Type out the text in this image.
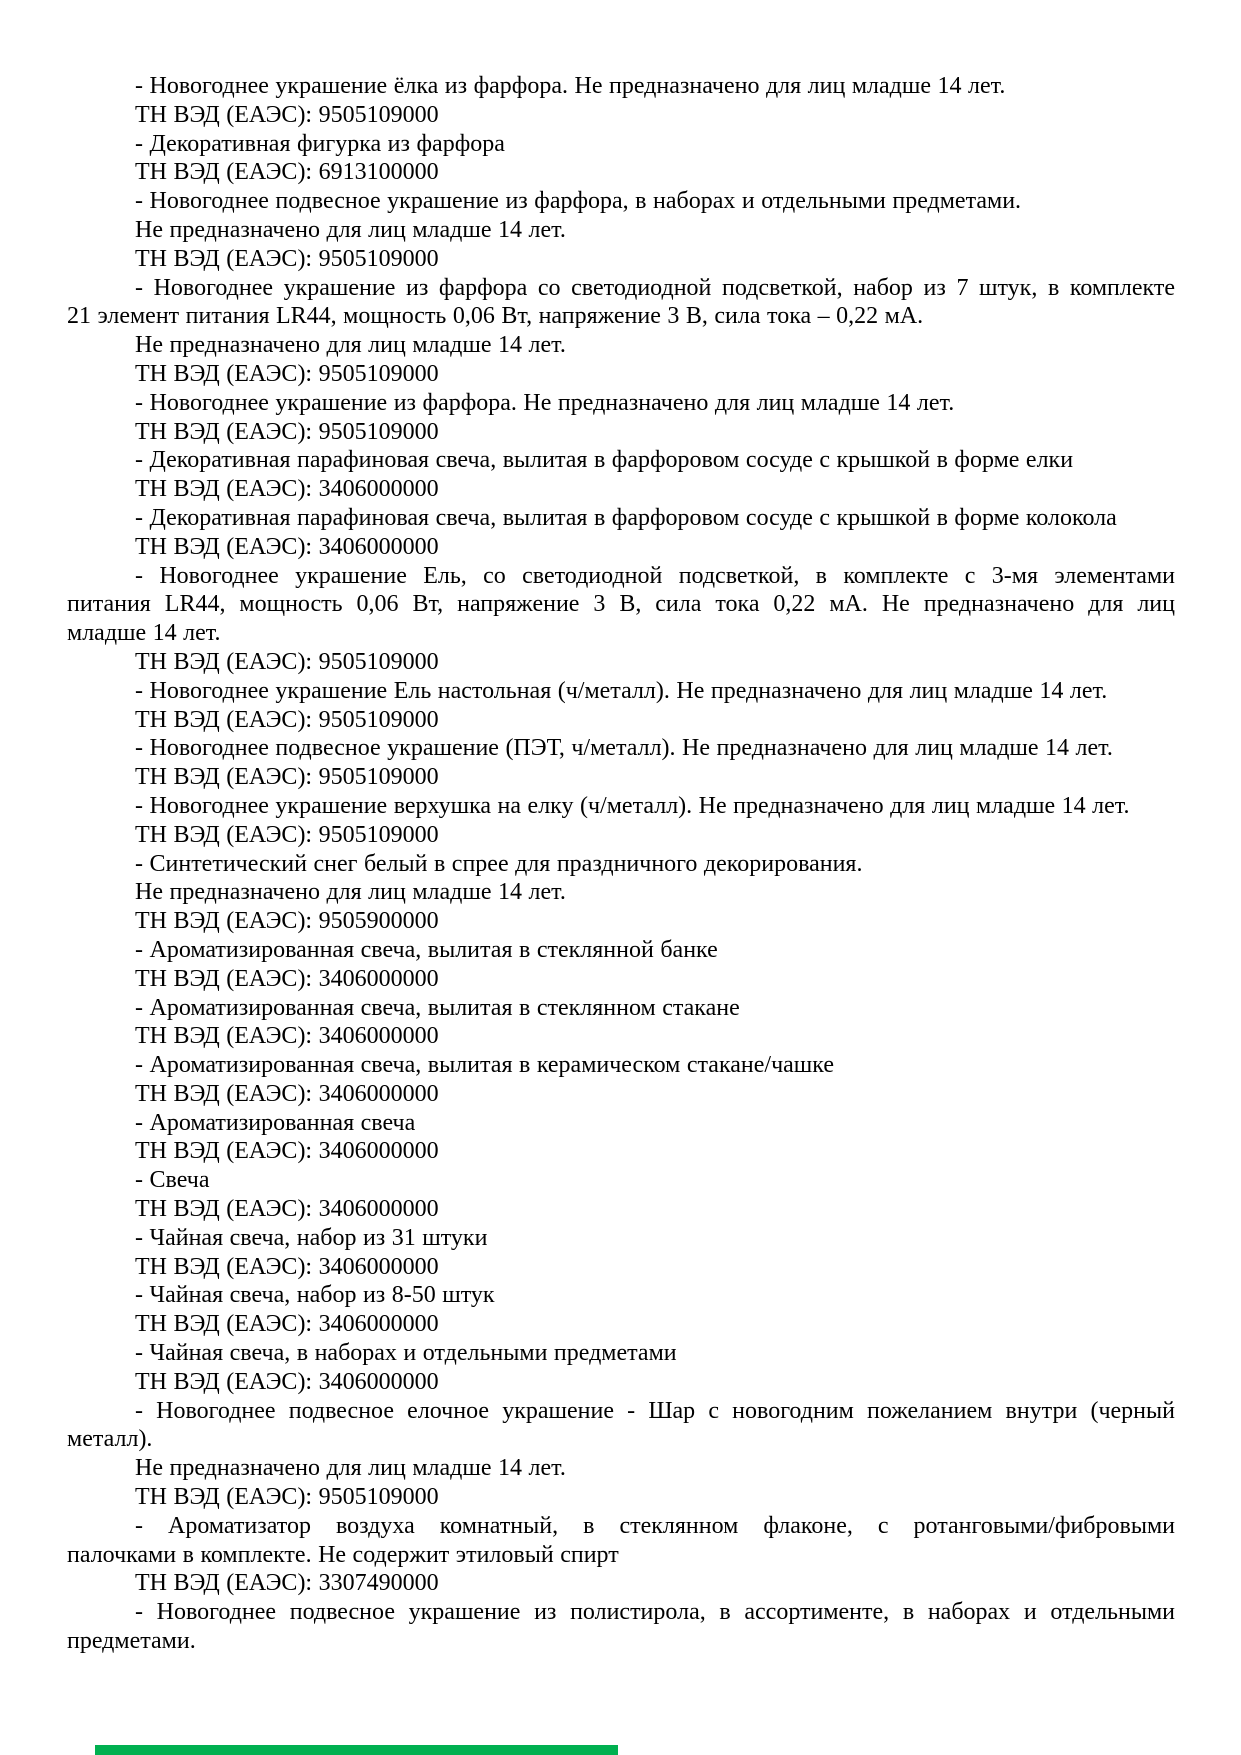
- Новогоднее украшение ёлка из фарфора. Не предназначено для лиц младше 14 лет.
ТН ВЭД (ЕАЭС): 9505109000
- Декоративная фигурка из фарфора
ТН ВЭД (ЕАЭС): 6913100000
- Новогоднее подвесное украшение из фарфора, в наборах и отдельными предметами.
Не предназначено для лиц младше 14 лет.
ТН ВЭД (ЕАЭС): 9505109000
- Новогоднее украшение из фарфора со светодиодной подсветкой, набор из 7 штук, в комплекте
21 элемент питания LR44, мощность 0,06 Вт, напряжение 3 В, сила тока – 0,22 мА.
Не предназначено для лиц младше 14 лет.
ТН ВЭД (ЕАЭС): 9505109000
- Новогоднее украшение из фарфора. Не предназначено для лиц младше 14 лет.
ТН ВЭД (ЕАЭС): 9505109000
- Декоративная парафиновая свеча, вылитая в фарфоровом сосуде с крышкой в форме елки
ТН ВЭД (ЕАЭС): 3406000000
- Декоративная парафиновая свеча, вылитая в фарфоровом сосуде с крышкой в форме колокола
ТН ВЭД (ЕАЭС): 3406000000
- Новогоднее украшение Ель, со светодиодной подсветкой, в комплекте с 3-мя элементами
питания LR44, мощность 0,06 Вт, напряжение 3 В, сила тока 0,22 мА. Не предназначено для лиц
младше 14 лет.
ТН ВЭД (ЕАЭС): 9505109000
- Новогоднее украшение Ель настольная (ч/металл). Не предназначено для лиц младше 14 лет.
ТН ВЭД (ЕАЭС): 9505109000
- Новогоднее подвесное украшение (ПЭТ, ч/металл). Не предназначено для лиц младше 14 лет.
ТН ВЭД (ЕАЭС): 9505109000
- Новогоднее украшение верхушка на елку (ч/металл). Не предназначено для лиц младше 14 лет.
ТН ВЭД (ЕАЭС): 9505109000
- Синтетический снег белый в спрее для праздничного декорирования.
Не предназначено для лиц младше 14 лет.
ТН ВЭД (ЕАЭС): 9505900000
- Ароматизированная свеча, вылитая в стеклянной банке
ТН ВЭД (ЕАЭС): 3406000000
- Ароматизированная свеча, вылитая в стеклянном стакане
ТН ВЭД (ЕАЭС): 3406000000
- Ароматизированная свеча, вылитая в керамическом стакане/чашке
ТН ВЭД (ЕАЭС): 3406000000
- Ароматизированная свеча
ТН ВЭД (ЕАЭС): 3406000000
- Свеча
ТН ВЭД (ЕАЭС): 3406000000
- Чайная свеча, набор из 31 штуки
ТН ВЭД (ЕАЭС): 3406000000
- Чайная свеча, набор из 8-50 штук
ТН ВЭД (ЕАЭС): 3406000000
- Чайная свеча, в наборах и отдельными предметами
ТН ВЭД (ЕАЭС): 3406000000
- Новогоднее подвесное елочное украшение - Шар с новогодним пожеланием внутри (черный
металл).
Не предназначено для лиц младше 14 лет.
ТН ВЭД (ЕАЭС): 9505109000
- Ароматизатор воздуха комнатный, в стеклянном флаконе, с ротанговыми/фибровыми
палочками в комплекте. Не содержит этиловый спирт
ТН ВЭД (ЕАЭС): 3307490000
- Новогоднее подвесное украшение из полистирола, в ассортименте, в наборах и отдельными
предметами.
